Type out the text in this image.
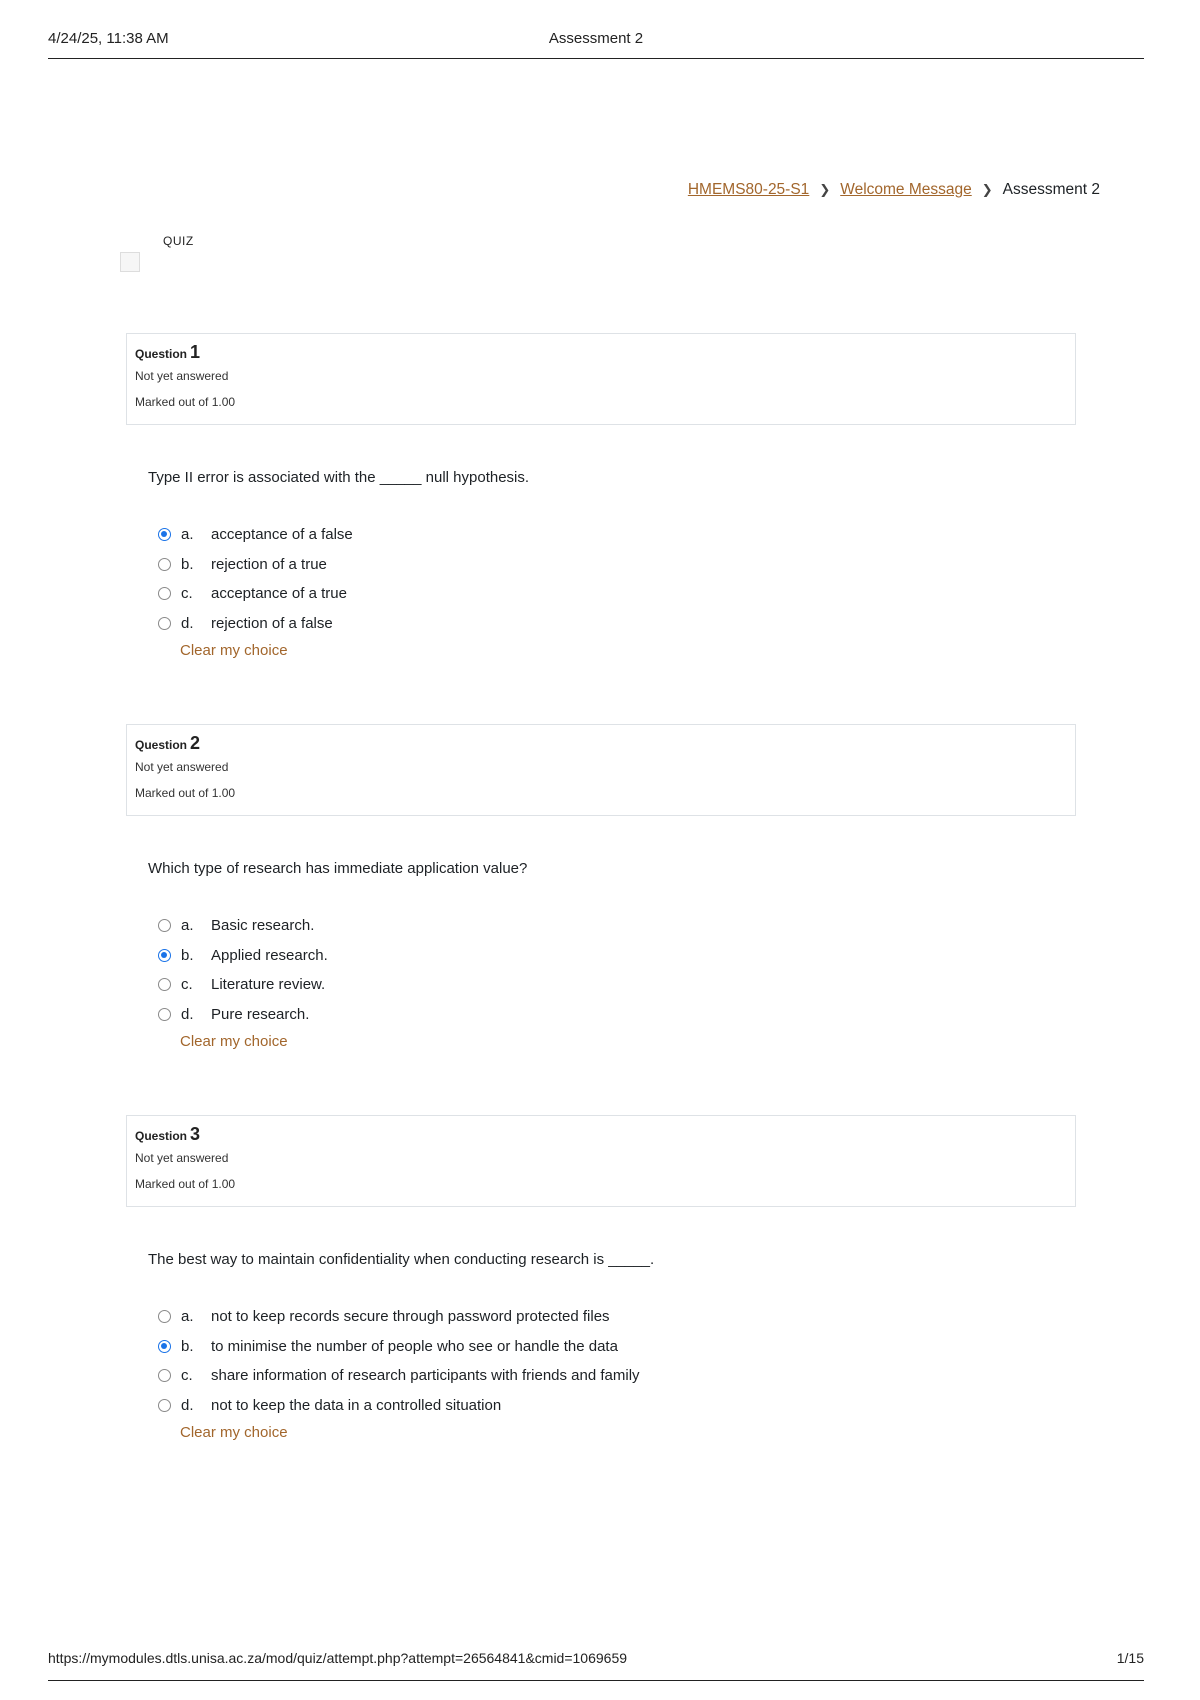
4/24/25, 11:38 AM	Assessment 2
HMEMS80-25-S1 ❯ Welcome Message ❯ Assessment 2
QUIZ
Question 1
Not yet answered
Marked out of 1.00
Type II error is associated with the _____ null hypothesis.
a.	acceptance of a false
b.	rejection of a true
c.	acceptance of a true
d.	rejection of a false
Clear my choice
Question 2
Not yet answered
Marked out of 1.00
Which type of research has immediate application value?
a.	Basic research.
b.	Applied research.
c.	Literature review.
d.	Pure research.
Clear my choice
Question 3
Not yet answered
Marked out of 1.00
The best way to maintain confidentiality when conducting research is _____.
a.	not to keep records secure through password protected files
b.	to minimise the number of people who see or handle the data
c.	share information of research participants with friends and family
d.	not to keep the data in a controlled situation
Clear my choice
https://mymodules.dtls.unisa.ac.za/mod/quiz/attempt.php?attempt=26564841&cmid=1069659	1/15
